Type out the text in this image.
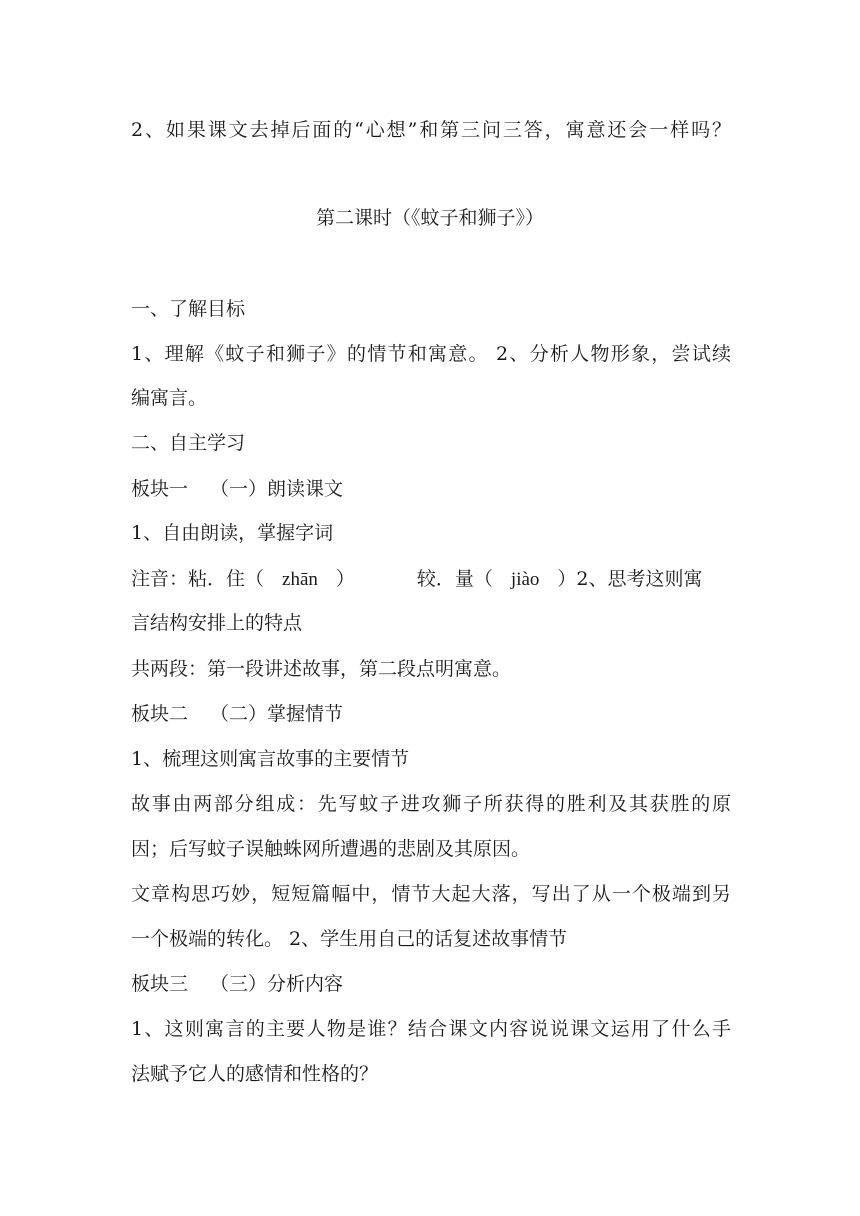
2、如果课文去掉后面的“心想”和第三问三答，寓意还会一样吗？
第二课时（《蚊子和狮子》）
一、了解目标
1、理解《蚊子和狮子》的情节和寓意。 2、分析人物形象，尝试续
编寓言。
二、自主学习
板块一 （一）朗读课文
1、自由朗读，掌握字词
注音：粘．住（ zhān ）	较．量（ jiào ）2、思考这则寓
言结构安排上的特点
共两段：第一段讲述故事，第二段点明寓意。
板块二 （二）掌握情节
1、梳理这则寓言故事的主要情节
故事由两部分组成：先写蚊子进攻狮子所获得的胜利及其获胜的原
因；后写蚊子误触蛛网所遭遇的悲剧及其原因。
文章构思巧妙，短短篇幅中，情节大起大落，写出了从一个极端到另
一个极端的转化。 2、学生用自己的话复述故事情节
板块三 （三）分析内容
1、这则寓言的主要人物是谁？结合课文内容说说课文运用了什么手
法赋予它人的感情和性格的？
